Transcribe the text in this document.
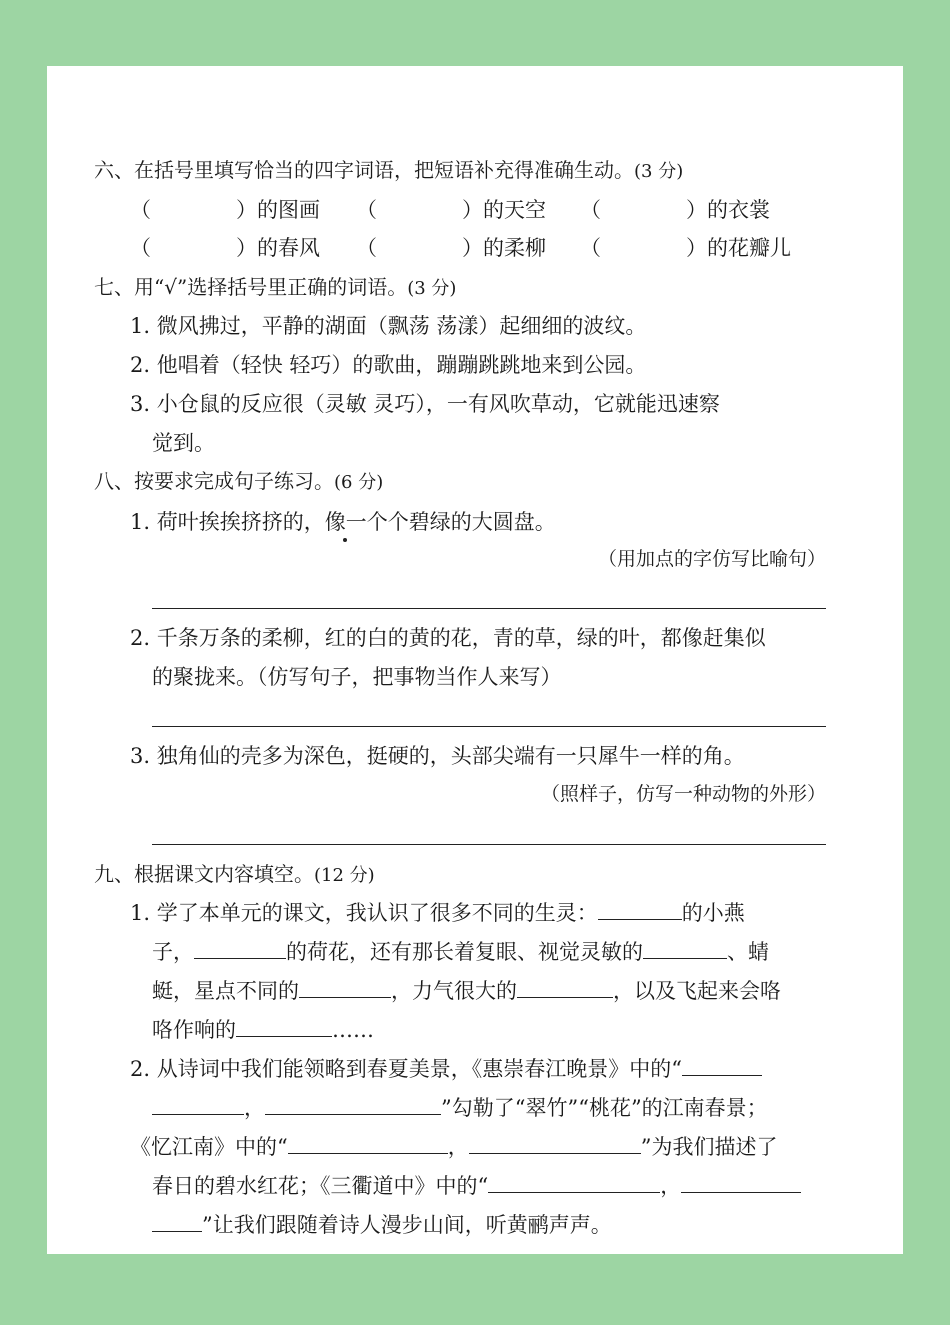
六、在括号里填写恰当的四字词语，把短语补充得准确生动。(3 分)
（	）的图画 （	）的天空 （	）的衣裳
（	）的春风 （	）的柔柳 （	）的花瓣儿
七、用“√”选择括号里正确的词语。(3 分)
1. 微风拂过，平静的湖面（飘荡 荡漾）起细细的波纹。
2. 他唱着（轻快 轻巧）的歌曲，蹦蹦跳跳地来到公园。
3. 小仓鼠的反应很（灵敏 灵巧），一有风吹草动，它就能迅速察
觉到。
八、按要求完成句子练习。(6 分)
1. 荷叶挨挨挤挤的，像一个个碧绿的大圆盘。
（用加点的字仿写比喻句）
2. 千条万条的柔柳，红的白的黄的花，青的草，绿的叶，都像赶集似
的聚拢来。（仿写句子，把事物当作人来写）
3. 独角仙的壳多为深色，挺硬的，头部尖端有一只犀牛一样的角。
（照样子，仿写一种动物的外形）
九、根据课文内容填空。(12 分)
1. 学了本单元的课文，我认识了很多不同的生灵：	的小燕
子，	的荷花，还有那长着复眼、视觉灵敏的	、蜻
蜓，星点不同的	，力气很大的	，以及飞起来会咯
咯作响的	……
2. 从诗词中我们能领略到春夏美景，《惠崇春江晚景》中的“
，	”勾勒了“翠竹”“桃花”的江南春景；
《忆江南》中的“	，	”为我们描述了
春日的碧水红花；《三衢道中》中的“	，
”让我们跟随着诗人漫步山间，听黄鹂声声。
